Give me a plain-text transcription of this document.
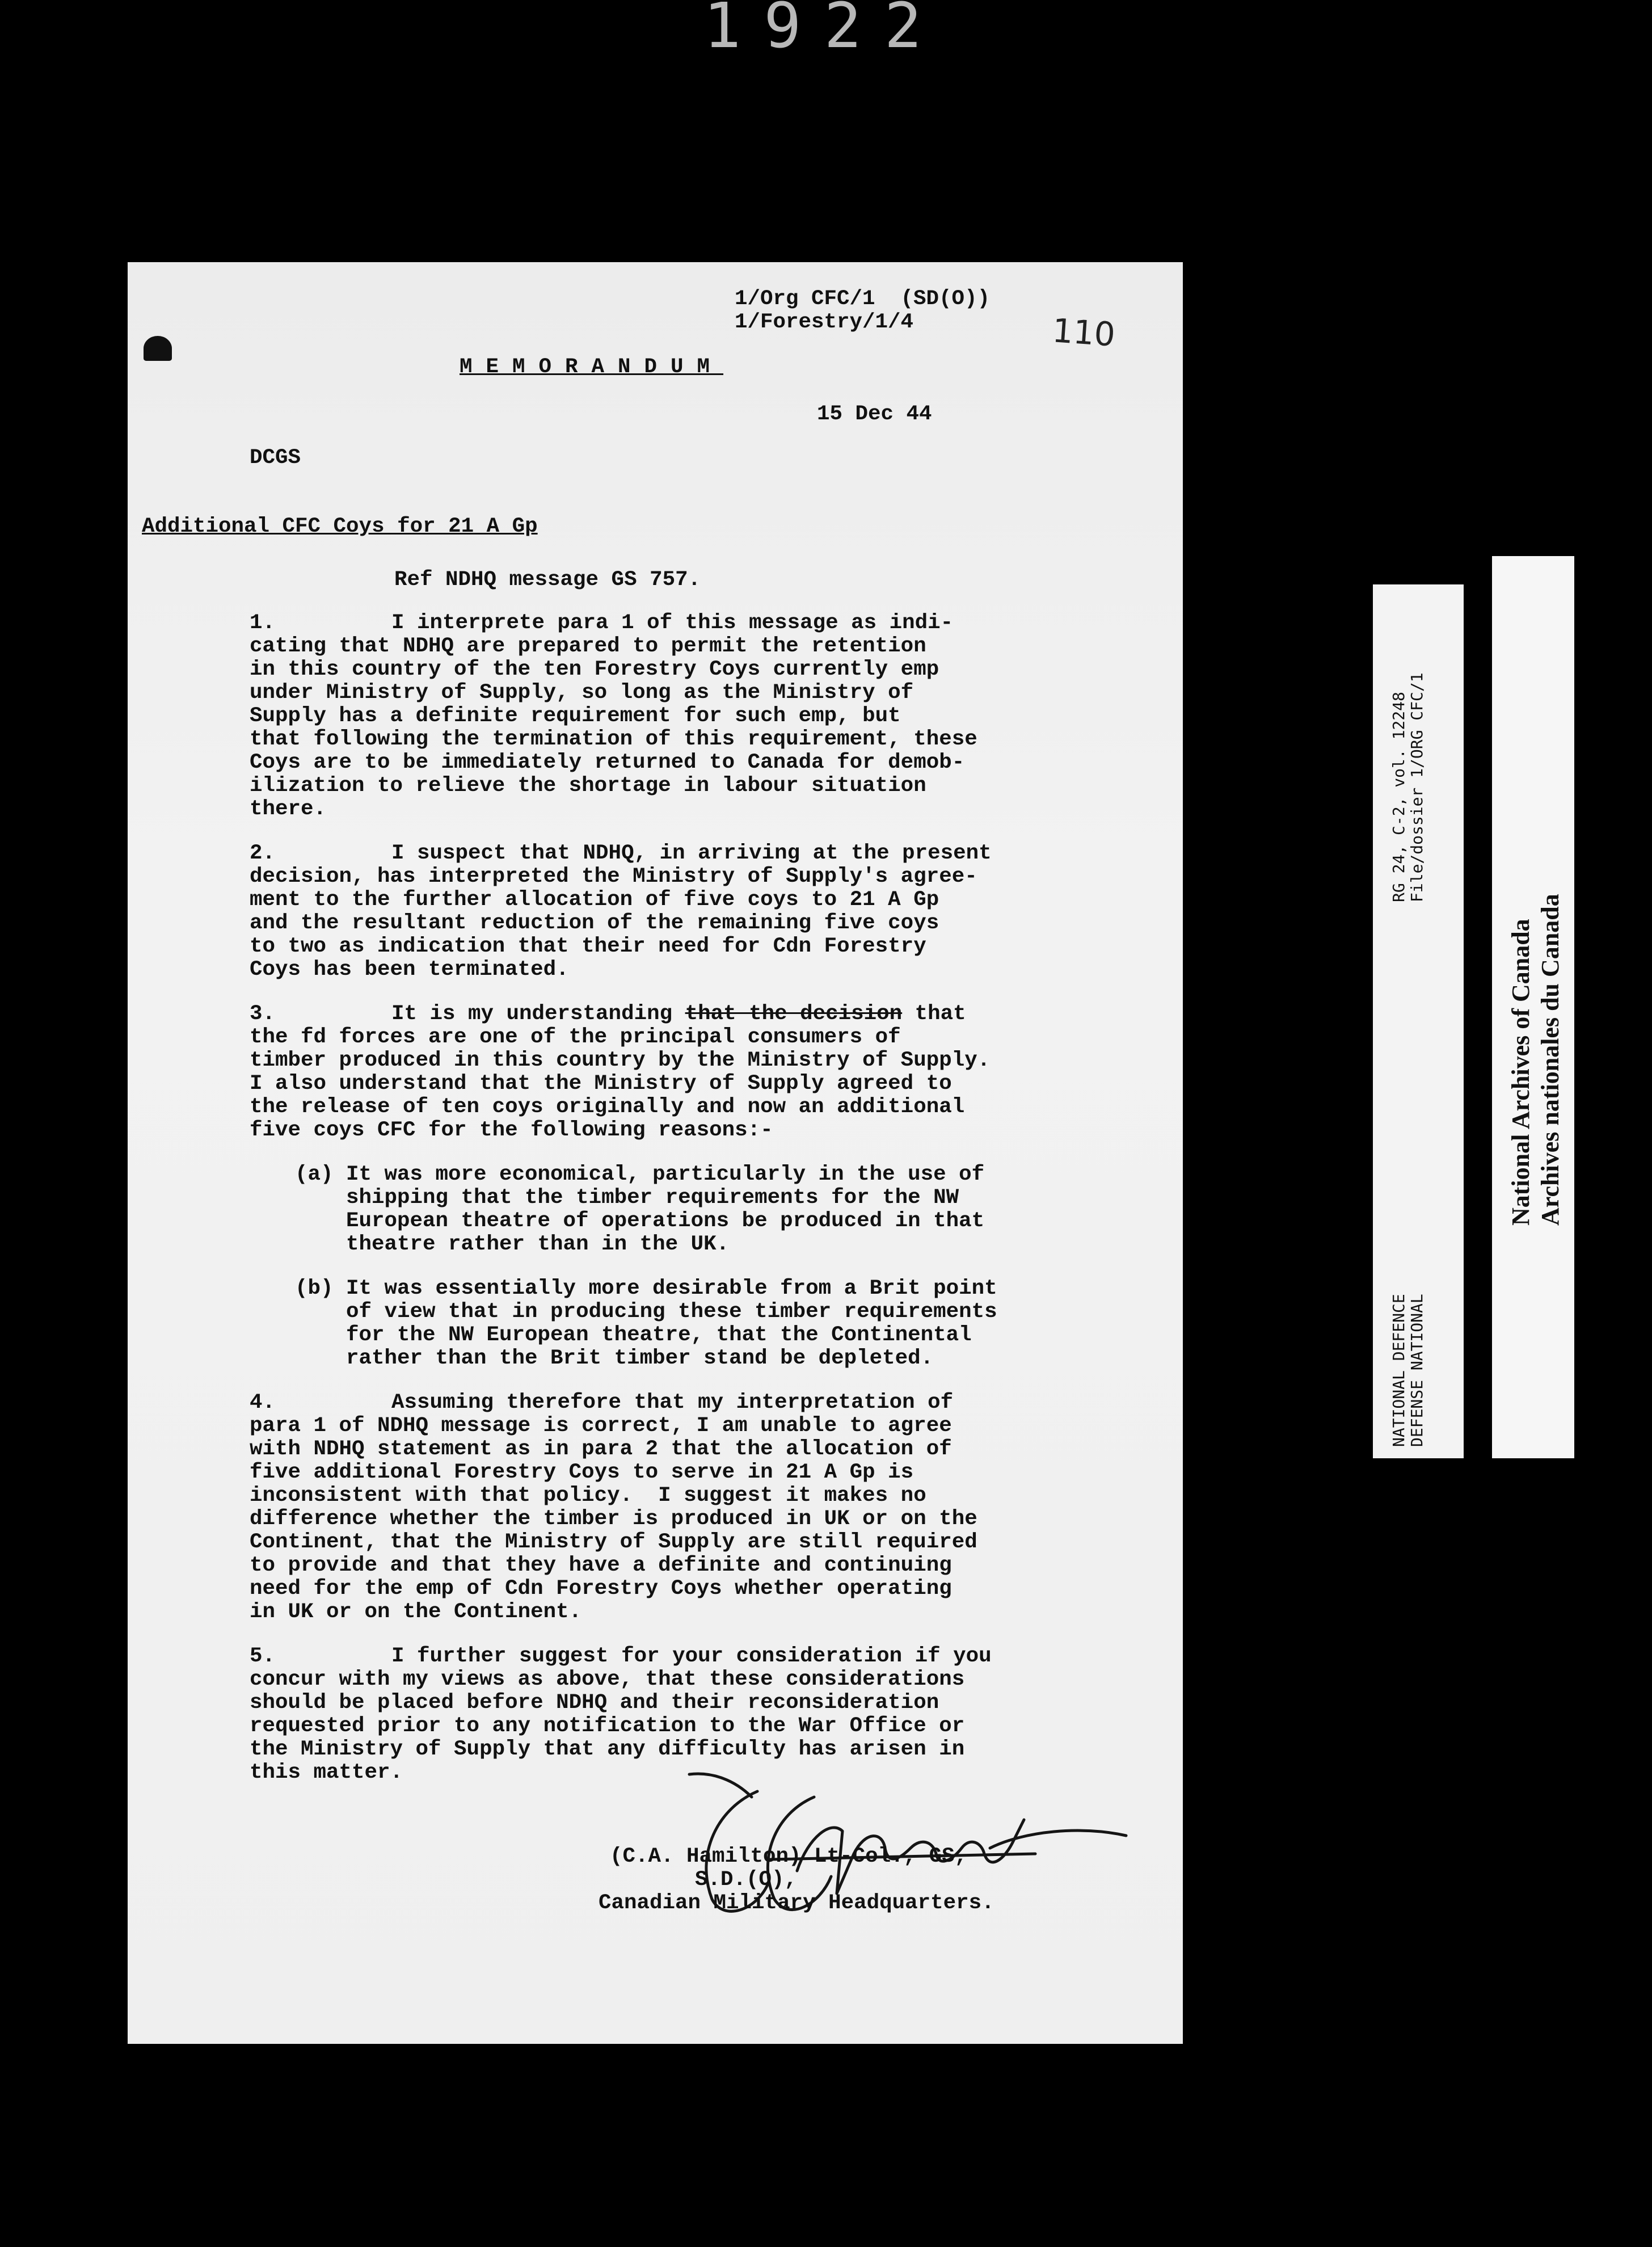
1922
1/Org CFC/1  (SD(O))
1/Forestry/1/4	110
MEMORANDUM
15 Dec 44
DCGS
Additional CFC Coys for 21 A Gp
Ref NDHQ message GS 757.
1.	I interprete para 1 of this message as indi-
cating that NDHQ are prepared to permit the retention
in this country of the ten Forestry Coys currently emp
under Ministry of Supply, so long as the Ministry of
Supply has a definite requirement for such emp, but
that following the termination of this requirement, these
Coys are to be immediately returned to Canada for demob-
ilization to relieve the shortage in labour situation
there.
2.	I suspect that NDHQ, in arriving at the present
decision, has interpreted the Ministry of Supply's agree-
ment to the further allocation of five coys to 21 A Gp
and the resultant reduction of the remaining five coys
to two as indication that their need for Cdn Forestry
Coys has been terminated.
3.	It is my understanding that the decision that
the fd forces are one of the principal consumers of
timber produced in this country by the Ministry of Supply.
I also understand that the Ministry of Supply agreed to
the release of ten coys originally and now an additional
five coys CFC for the following reasons:-
(a) It was more economical, particularly in the use of
shipping that the timber requirements for the NW
European theatre of operations be produced in that
theatre rather than in the UK.
(b) It was essentially more desirable from a Brit point
of view that in producing these timber requirements
for the NW European theatre, that the Continental
rather than the Brit timber stand be depleted.
4.	Assuming therefore that my interpretation of
para 1 of NDHQ message is correct, I am unable to agree
with NDHQ statement as in para 2 that the allocation of
five additional Forestry Coys to serve in 21 A Gp is
inconsistent with that policy.  I suggest it makes no
difference whether the timber is produced in UK or on the
Continent, that the Ministry of Supply are still required
to provide and that they have a definite and continuing
need for the emp of Cdn Forestry Coys whether operating
in UK or on the Continent.
5.	I further suggest for your consideration if you
concur with my views as above, that these considerations
should be placed before NDHQ and their reconsideration
requested prior to any notification to the War Office or
the Ministry of Supply that any difficulty has arisen in
this matter.
(C.A. Hamilton) Lt-Col., GS,
S.D.(O),
Canadian Military Headquarters.
RG 24, C-2, vol. 12248 File/dossier 1/ORG CFC/1
NATIONAL DEFENCE DEFENSE NATIONAL
National Archives of Canada Archives nationales du Canada
